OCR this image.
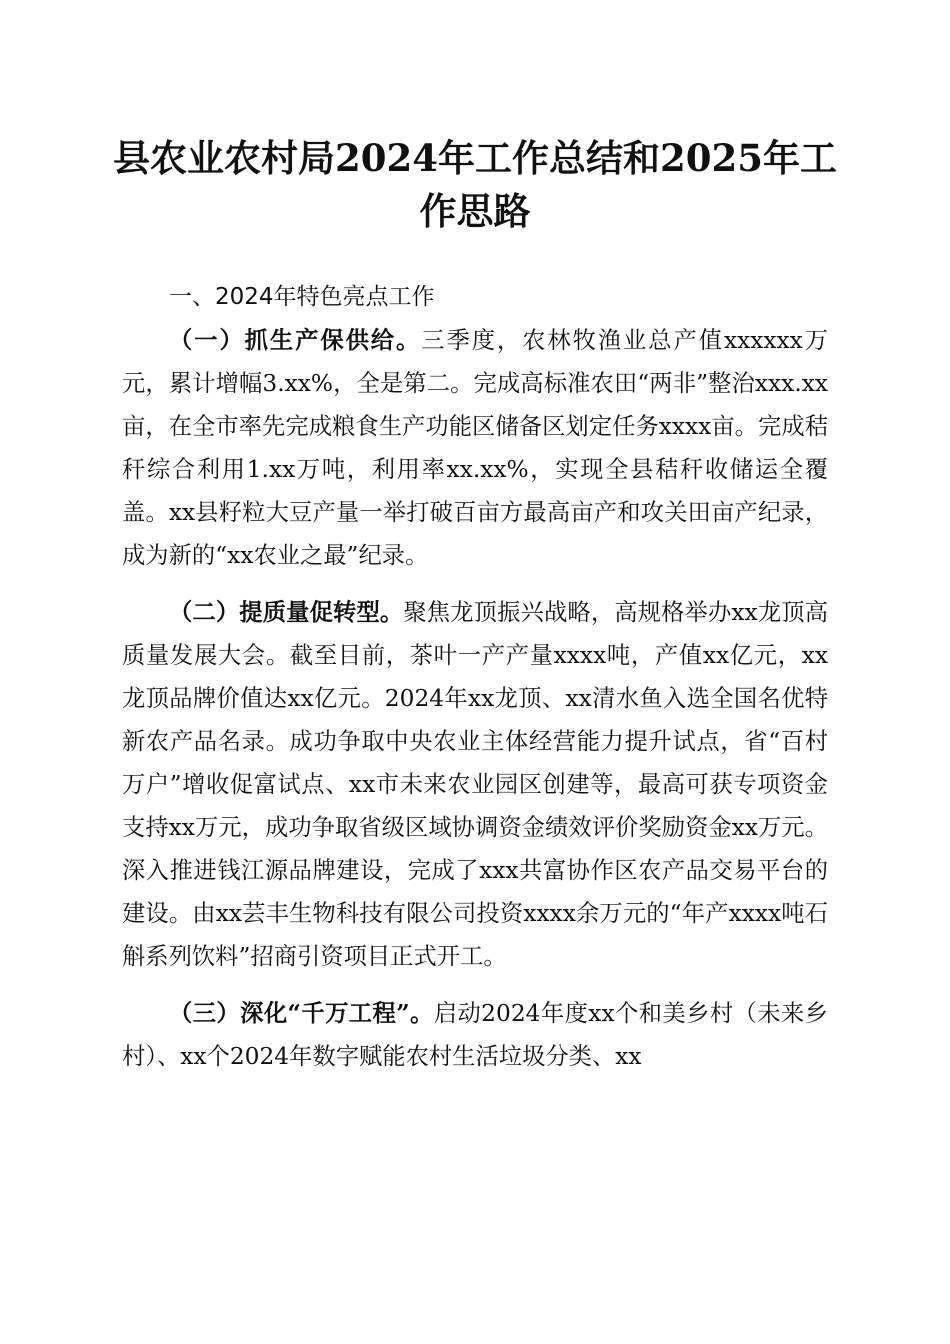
县农业农村局2024年工作总结和2025年工作思路
一、2024年特色亮点工作

（一）抓生产保供给。三季度，农林牧渔业总产值xxxxxx万元，累计增幅3.xx%，全是第二。完成高标准农田“两非”整治xxx.xx亩，在全市率先完成粮食生产功能区储备区划定任务xxxx亩。完成秸秆综合利用1.xx万吨，利用率xx.xx%，实现全县秸秆收储运全覆盖。xx县籽粒大豆产量一举打破百亩方最高亩产和攻关田亩产纪录，成为新的“xx农业之最”纪录。

（二）提质量促转型。聚焦龙顶振兴战略，高规格举办xx龙顶高质量发展大会。截至目前，茶叶一产产量xxxx吨，产值xx亿元，xx龙顶品牌价值达xx亿元。2024年xx龙顶、xx清水鱼入选全国名优特新农产品名录。成功争取中央农业主体经营能力提升试点，省“百村万户”增收促富试点、xx市未来农业园区创建等，最高可获专项资金支持xx万元，成功争取省级区域协调资金绩效评价奖励资金xx万元。深入推进钱江源品牌建设，完成了xxx共富协作区农产品交易平台的建设。由xx芸丰生物科技有限公司投资xxxx余万元的“年产xxxx吨石斛系列饮料”招商引资项目正式开工。

（三）深化“千万工程”。启动2024年度xx个和美乡村（未来乡村）、xx个2024年数字赋能农村生活垃圾分类、xx
